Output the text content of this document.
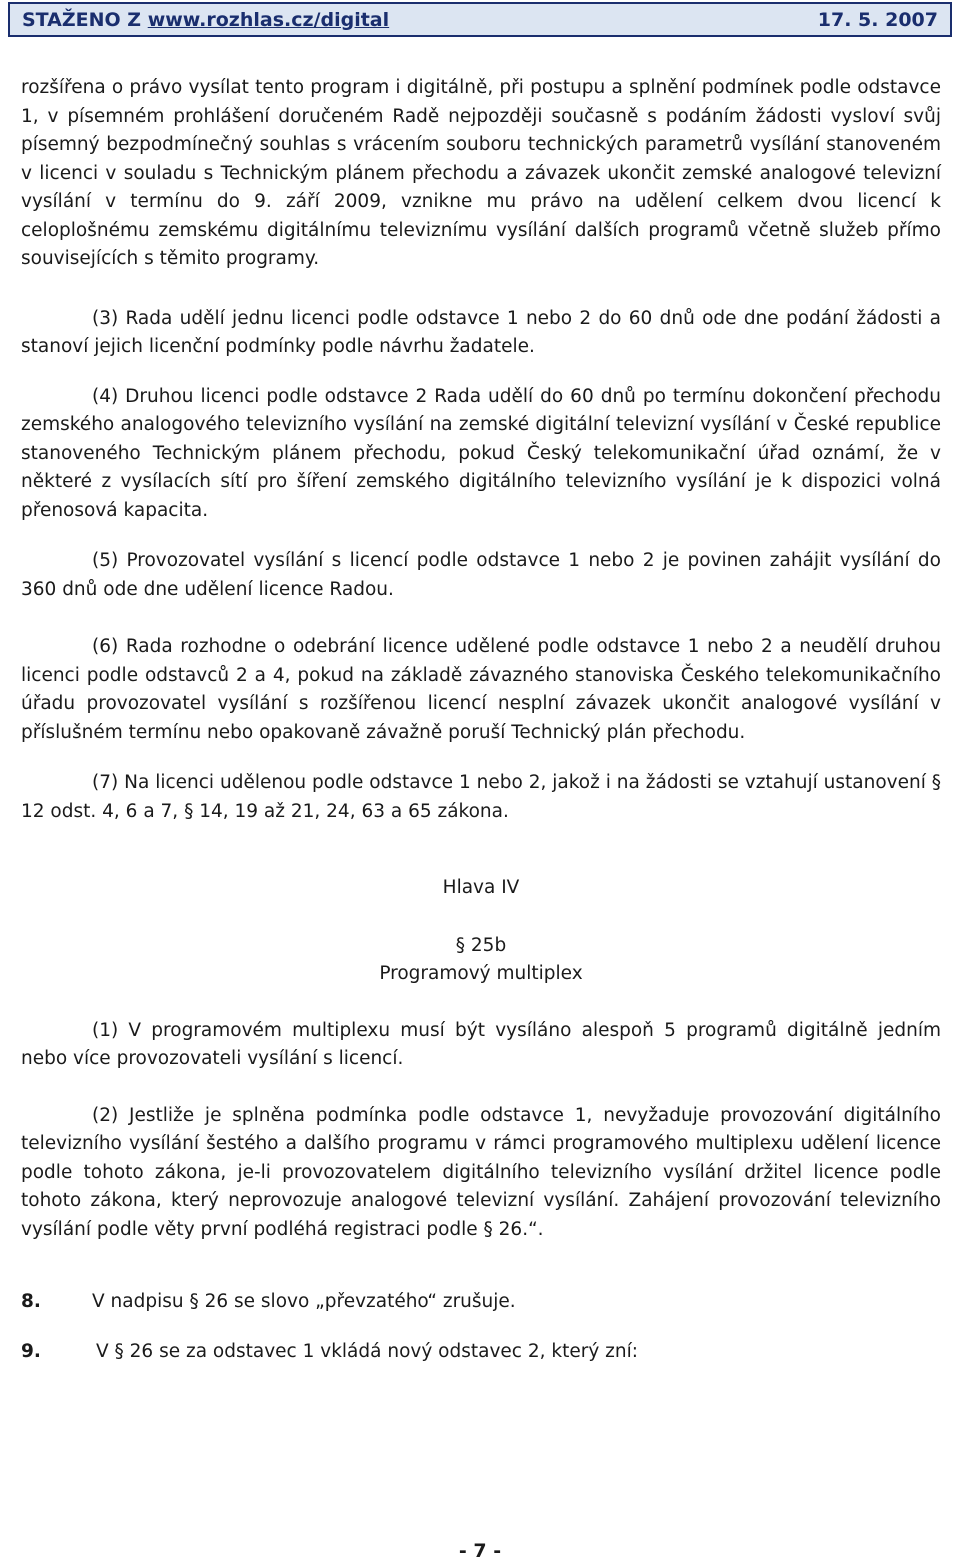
STAŽENO Z www.rozhlas.cz/digital	17. 5. 2007

rozšířena o právo vysílat tento program i digitálně, při postupu a splnění podmínek podle odstavce 1, v písemném prohlášení doručeném Radě nejpozději současně s podáním žádosti vysloví svůj písemný bezpodmínečný souhlas s vrácením souboru technických parametrů vysílání stanoveném v licenci v souladu s Technickým plánem přechodu a závazek ukončit zemské analogové televizní vysílání v termínu do 9. září 2009, vznikne mu právo na udělení celkem dvou licencí k celoplošnému zemskému digitálnímu televiznímu vysílání dalších programů včetně služeb přímo souvisejících s těmito programy.

(3) Rada udělí jednu licenci podle odstavce 1 nebo 2 do 60 dnů ode dne podání žádosti a stanoví jejich licenční podmínky podle návrhu žadatele.

(4) Druhou licenci podle odstavce 2 Rada udělí do 60 dnů po termínu dokončení přechodu zemského analogového televizního vysílání na zemské digitální televizní vysílání v České republice stanoveného Technickým plánem přechodu, pokud Český telekomunikační úřad oznámí, že v některé z vysílacích sítí pro šíření zemského digitálního televizního vysílání je k dispozici volná přenosová kapacita.

(5) Provozovatel vysílání s licencí podle odstavce 1 nebo 2 je povinen zahájit vysílání do 360 dnů ode dne udělení licence Radou.

(6) Rada rozhodne o odebrání licence udělené podle odstavce 1 nebo 2 a neudělí druhou licenci podle odstavců 2 a 4, pokud na základě závazného stanoviska Českého telekomunikačního úřadu provozovatel vysílání s rozšířenou licencí nesplní závazek ukončit analogové vysílání v příslušném termínu nebo opakovaně závažně poruší Technický plán přechodu.

(7) Na licenci udělenou podle odstavce 1 nebo 2, jakož i na žádosti se vztahují ustanovení § 12 odst. 4, 6 a 7, § 14, 19 až 21, 24, 63 a 65 zákona.

Hlava IV

§ 25b

Programový multiplex

(1) V programovém multiplexu musí být vysíláno alespoň 5 programů digitálně jedním nebo více provozovateli vysílání s licencí.

(2) Jestliže je splněna podmínka podle odstavce 1, nevyžaduje provozování digitálního televizního vysílání šestého a dalšího programu v rámci programového multiplexu udělení licence podle tohoto zákona, je-li provozovatelem digitálního televizního vysílání držitel licence podle tohoto zákona, který neprovozuje analogové televizní vysílání. Zahájení provozování televizního vysílání podle věty první podléhá registraci podle § 26.“.

8.	V nadpisu § 26 se slovo „převzatého“ zrušuje.
9.	V § 26 se za odstavec 1 vkládá nový odstavec 2, který zní:
- 7 -
